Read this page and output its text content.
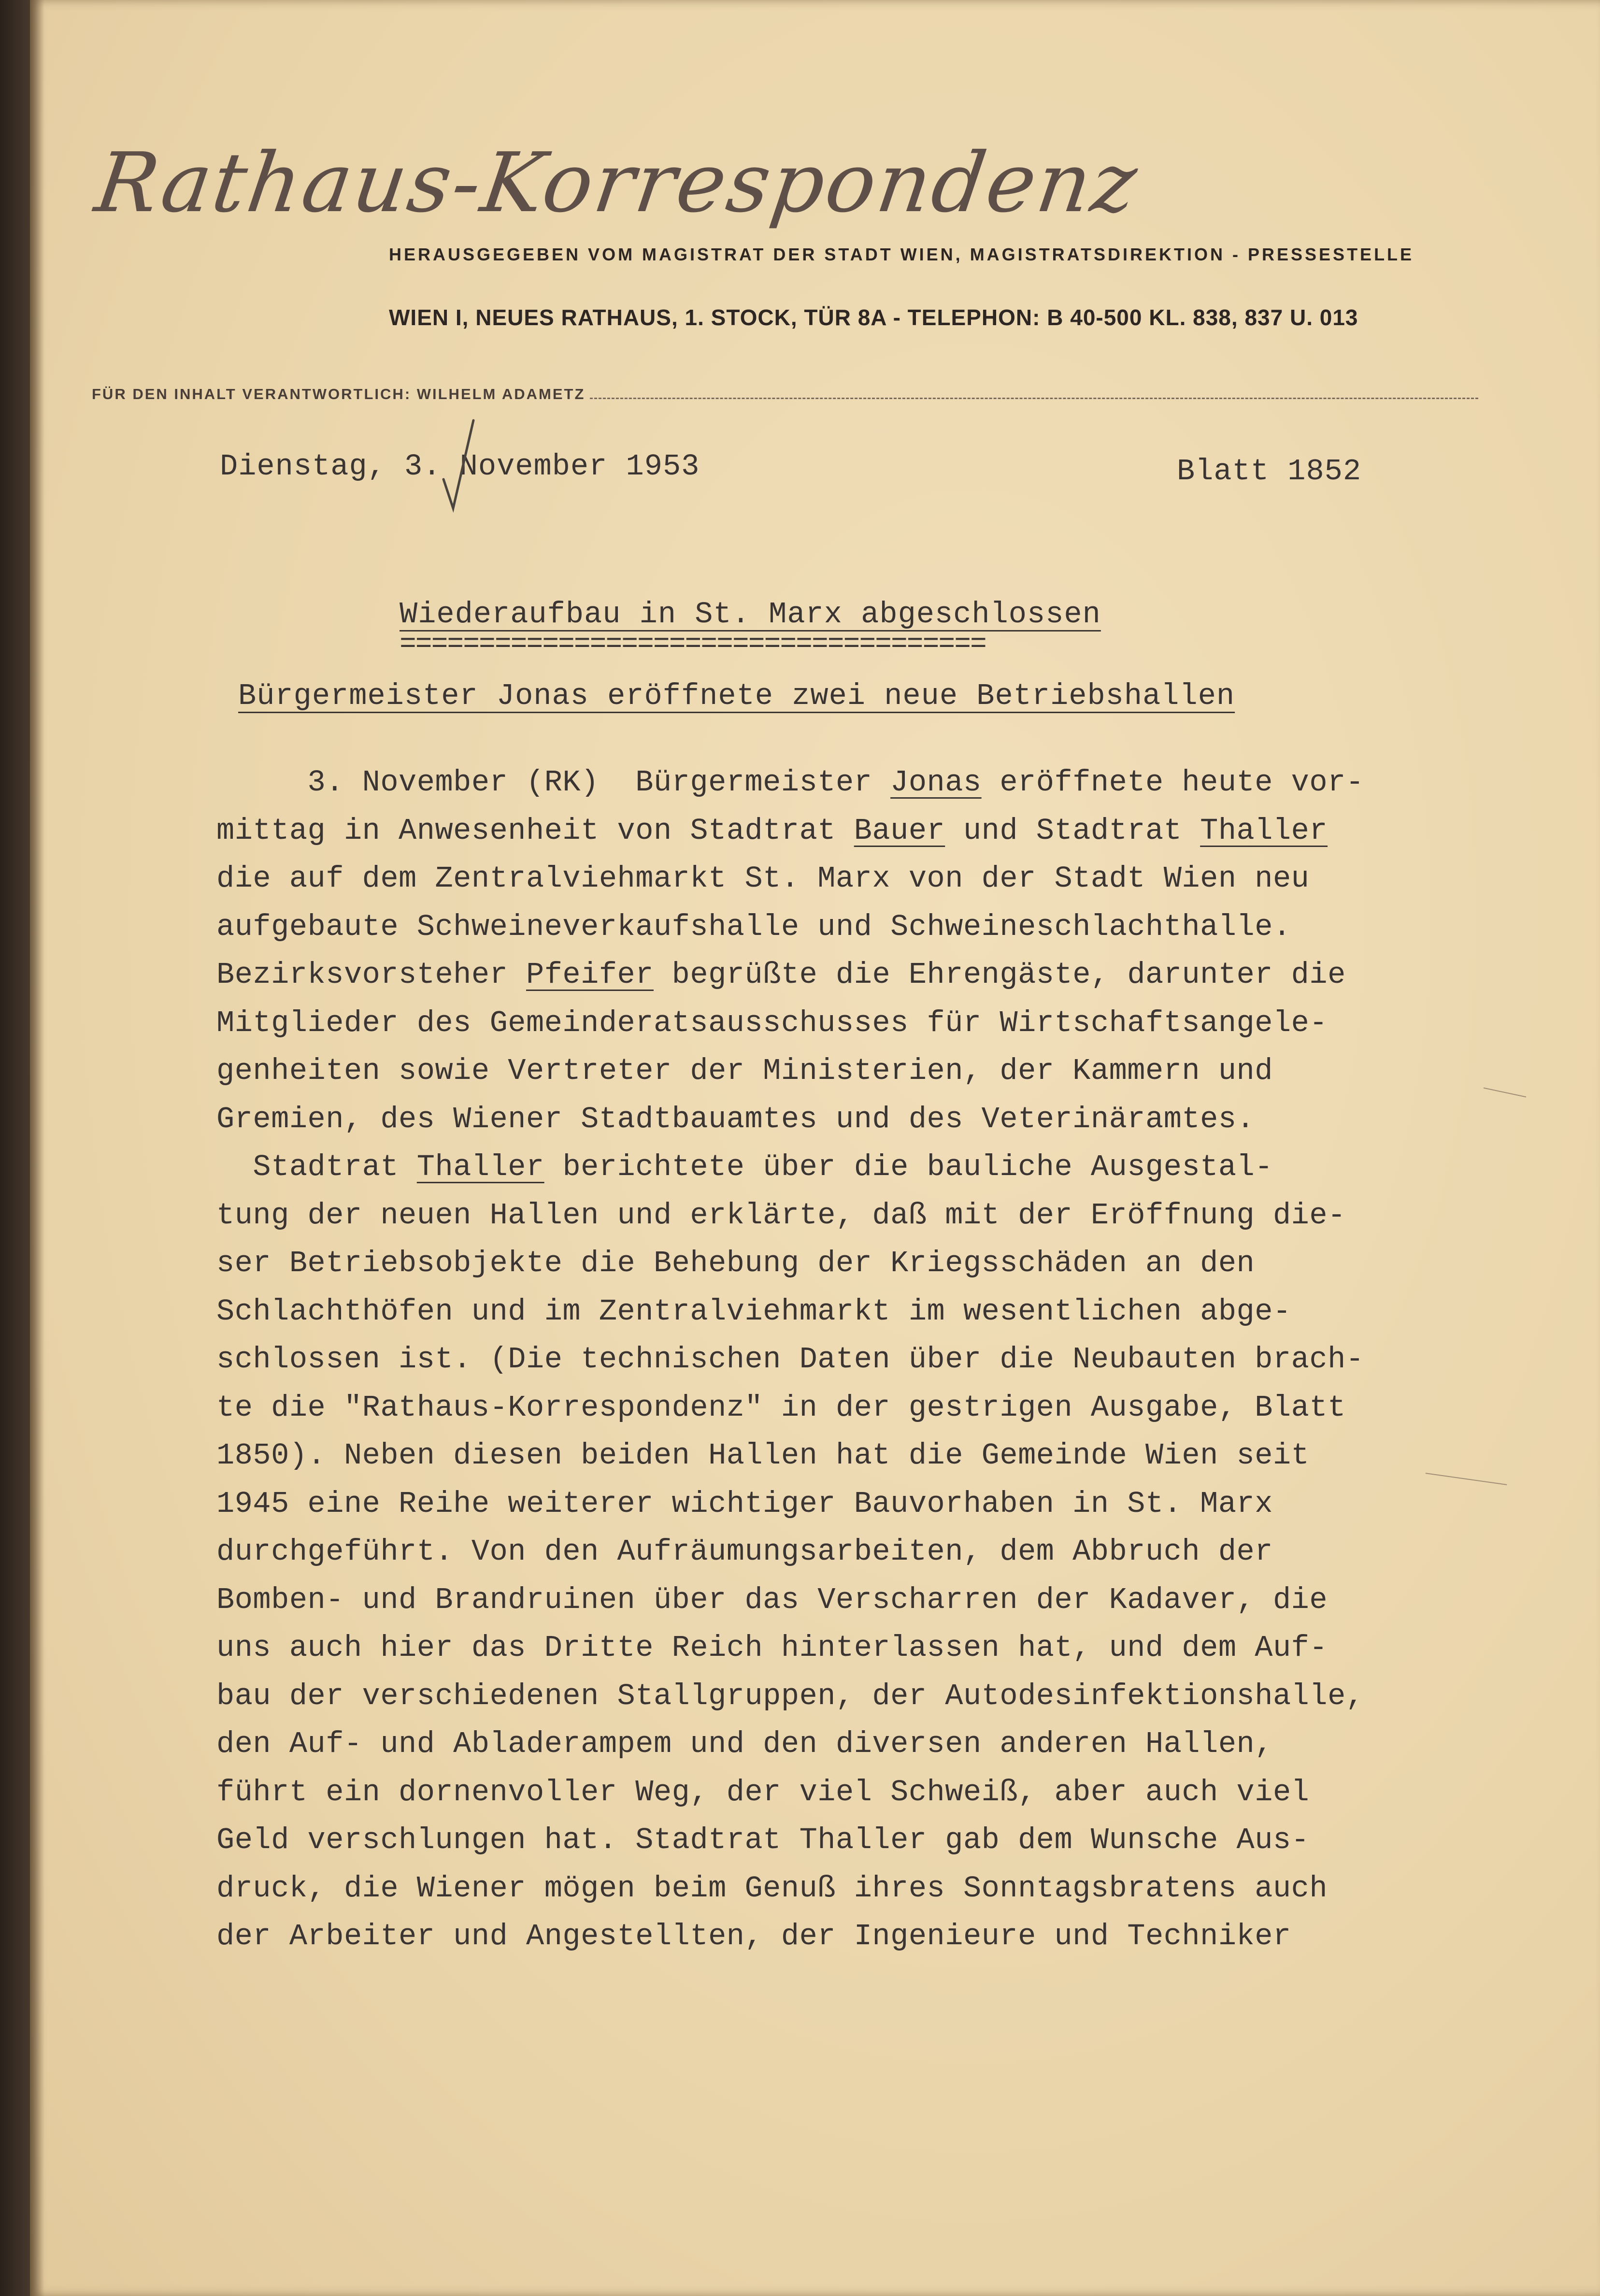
Rathaus-Korrespondenz
HERAUSGEGEBEN VOM MAGISTRAT DER STADT WIEN, MAGISTRATSDIREKTION - PRESSESTELLE
WIEN I, NEUES RATHAUS, 1. STOCK, TÜR 8A - TELEPHON: B 40-500 KL. 838, 837 U. 013
FÜR DEN INHALT VERANTWORTLICH: WILHELM ADAMETZ
Dienstag, 3. November 1953	Blatt 1852
Wiederaufbau in St. Marx abgeschlossen
=====================================
Bürgermeister Jonas eröffnete zwei neue Betriebshallen
3. November (RK)  Bürgermeister Jonas eröffnete heute vor-
mittag in Anwesenheit von Stadtrat Bauer und Stadtrat Thaller
die auf dem Zentralviehmarkt St. Marx von der Stadt Wien neu
aufgebaute Schweineverkaufshalle und Schweineschlachthalle.
Bezirksvorsteher Pfeifer begrüßte die Ehrengäste, darunter die
Mitglieder des Gemeinderatsausschusses für Wirtschaftsangele-
genheiten sowie Vertreter der Ministerien, der Kammern und
Gremien, des Wiener Stadtbauamtes und des Veterinäramtes.
Stadtrat Thaller berichtete über die bauliche Ausgestal-
tung der neuen Hallen und erklärte, daß mit der Eröffnung die-
ser Betriebsobjekte die Behebung der Kriegsschäden an den
Schlachthöfen und im Zentralviehmarkt im wesentlichen abge-
schlossen ist. (Die technischen Daten über die Neubauten brach-
te die "Rathaus-Korrespondenz" in der gestrigen Ausgabe, Blatt
1850). Neben diesen beiden Hallen hat die Gemeinde Wien seit
1945 eine Reihe weiterer wichtiger Bauvorhaben in St. Marx
durchgeführt. Von den Aufräumungsarbeiten, dem Abbruch der
Bomben- und Brandruinen über das Verscharren der Kadaver, die
uns auch hier das Dritte Reich hinterlassen hat, und dem Auf-
bau der verschiedenen Stallgruppen, der Autodesinfektionshalle,
den Auf- und Abladerampem und den diversen anderen Hallen,
führt ein dornenvoller Weg, der viel Schweiß, aber auch viel
Geld verschlungen hat. Stadtrat Thaller gab dem Wunsche Aus-
druck, die Wiener mögen beim Genuß ihres Sonntagsbratens auch
der Arbeiter und Angestellten, der Ingenieure und Techniker
